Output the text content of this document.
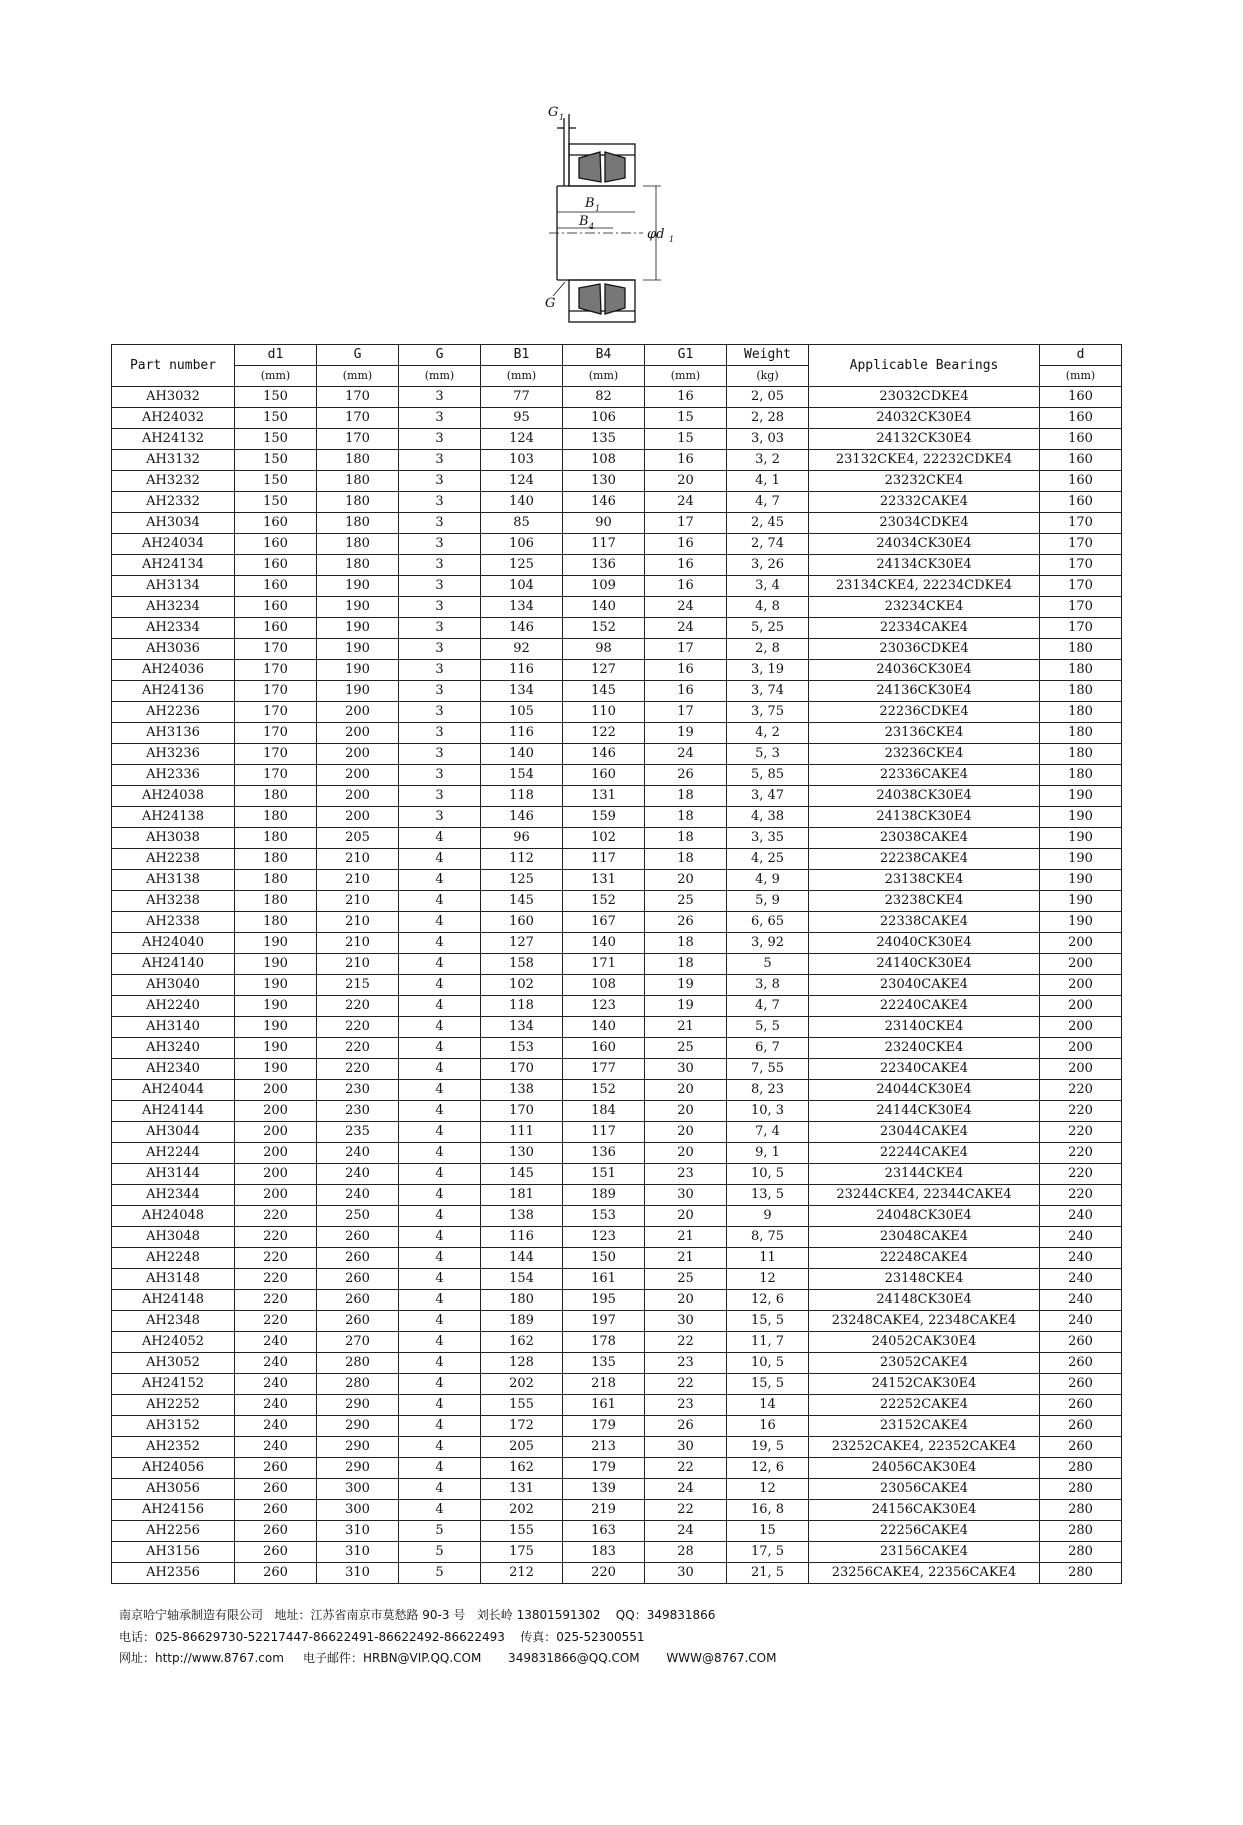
G 1
B 1
B 4
φd 1
G
Part number	d1	G	G	B1	B4	G1	Weight	Applicable Bearings	d
	(mm)	(mm)	(mm)	(mm)	(mm)	(mm)	(kg)		(mm)
AH3032	150	170	3	77	82	16	2, 05	23032CDKE4	160
AH24032	150	170	3	95	106	15	2, 28	24032CK30E4	160
AH24132	150	170	3	124	135	15	3, 03	24132CK30E4	160
AH3132	150	180	3	103	108	16	3, 2	23132CKE4, 22232CDKE4	160
AH3232	150	180	3	124	130	20	4, 1	23232CKE4	160
AH2332	150	180	3	140	146	24	4, 7	22332CAKE4	160
AH3034	160	180	3	85	90	17	2, 45	23034CDKE4	170
AH24034	160	180	3	106	117	16	2, 74	24034CK30E4	170
AH24134	160	180	3	125	136	16	3, 26	24134CK30E4	170
AH3134	160	190	3	104	109	16	3, 4	23134CKE4, 22234CDKE4	170
AH3234	160	190	3	134	140	24	4, 8	23234CKE4	170
AH2334	160	190	3	146	152	24	5, 25	22334CAKE4	170
AH3036	170	190	3	92	98	17	2, 8	23036CDKE4	180
AH24036	170	190	3	116	127	16	3, 19	24036CK30E4	180
AH24136	170	190	3	134	145	16	3, 74	24136CK30E4	180
AH2236	170	200	3	105	110	17	3, 75	22236CDKE4	180
AH3136	170	200	3	116	122	19	4, 2	23136CKE4	180
AH3236	170	200	3	140	146	24	5, 3	23236CKE4	180
AH2336	170	200	3	154	160	26	5, 85	22336CAKE4	180
AH24038	180	200	3	118	131	18	3, 47	24038CK30E4	190
AH24138	180	200	3	146	159	18	4, 38	24138CK30E4	190
AH3038	180	205	4	96	102	18	3, 35	23038CAKE4	190
AH2238	180	210	4	112	117	18	4, 25	22238CAKE4	190
AH3138	180	210	4	125	131	20	4, 9	23138CKE4	190
AH3238	180	210	4	145	152	25	5, 9	23238CKE4	190
AH2338	180	210	4	160	167	26	6, 65	22338CAKE4	190
AH24040	190	210	4	127	140	18	3, 92	24040CK30E4	200
AH24140	190	210	4	158	171	18	5	24140CK30E4	200
AH3040	190	215	4	102	108	19	3, 8	23040CAKE4	200
AH2240	190	220	4	118	123	19	4, 7	22240CAKE4	200
AH3140	190	220	4	134	140	21	5, 5	23140CKE4	200
AH3240	190	220	4	153	160	25	6, 7	23240CKE4	200
AH2340	190	220	4	170	177	30	7, 55	22340CAKE4	200
AH24044	200	230	4	138	152	20	8, 23	24044CK30E4	220
AH24144	200	230	4	170	184	20	10, 3	24144CK30E4	220
AH3044	200	235	4	111	117	20	7, 4	23044CAKE4	220
AH2244	200	240	4	130	136	20	9, 1	22244CAKE4	220
AH3144	200	240	4	145	151	23	10, 5	23144CKE4	220
AH2344	200	240	4	181	189	30	13, 5	23244CKE4, 22344CAKE4	220
AH24048	220	250	4	138	153	20	9	24048CK30E4	240
AH3048	220	260	4	116	123	21	8, 75	23048CAKE4	240
AH2248	220	260	4	144	150	21	11	22248CAKE4	240
AH3148	220	260	4	154	161	25	12	23148CKE4	240
AH24148	220	260	4	180	195	20	12, 6	24148CK30E4	240
AH2348	220	260	4	189	197	30	15, 5	23248CAKE4, 22348CAKE4	240
AH24052	240	270	4	162	178	22	11, 7	24052CAK30E4	260
AH3052	240	280	4	128	135	23	10, 5	23052CAKE4	260
AH24152	240	280	4	202	218	22	15, 5	24152CAK30E4	260
AH2252	240	290	4	155	161	23	14	22252CAKE4	260
AH3152	240	290	4	172	179	26	16	23152CAKE4	260
AH2352	240	290	4	205	213	30	19, 5	23252CAKE4, 22352CAKE4	260
AH24056	260	290	4	162	179	22	12, 6	24056CAK30E4	280
AH3056	260	300	4	131	139	24	12	23056CAKE4	280
AH24156	260	300	4	202	219	22	16, 8	24156CAK30E4	280
AH2256	260	310	5	155	163	24	15	22256CAKE4	280
AH3156	260	310	5	175	183	28	17, 5	23156CAKE4	280
AH2356	260	310	5	212	220	30	21, 5	23256CAKE4, 22356CAKE4	280
南京哈宁轴承制造有限公司   地址：江苏省南京市莫愁路 90-3 号   刘长岭 13801591302    QQ：349831866
电话：025-86629730-52217447-86622491-86622492-86622493    传真：025-52300551
网址：http://www.8767.com     电子邮件：HRBN@VIP.QQ.COM       349831866@QQ.COM       WWW@8767.COM
